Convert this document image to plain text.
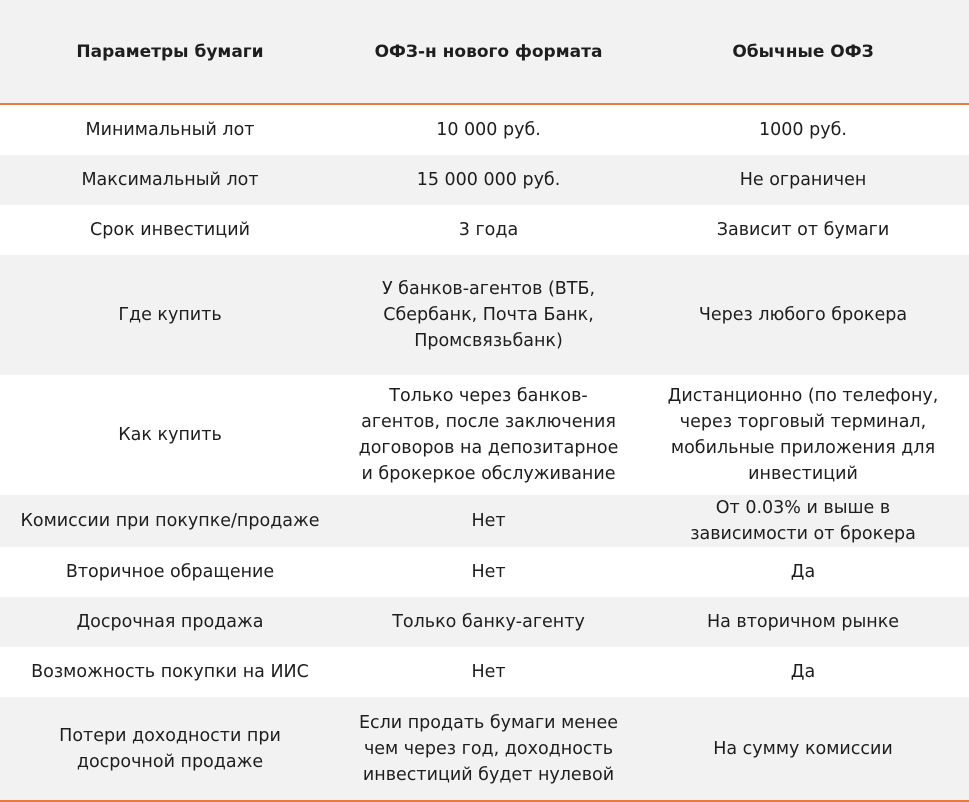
Параметры бумаги	ОФЗ-н нового формата	Обычные ОФЗ
Минимальный лот	10 000 руб.	1000 руб.
Максимальный лот	15 000 000 руб.	Не ограничен
Срок инвестиций	3 года	Зависит от бумаги
Где купить	У банков-агентов (ВТБ,
Сбербанк, Почта Банк,
Промсвязьбанк)	Через любого брокера
Как купить	Только через банков-
агентов, после заключения
договоров на депозитарное
и брокеркое обслуживание	Дистанционно (по телефону,
через торговый терминал,
мобильные приложения для
инвестиций
Комиссии при покупке/продаже	Нет	От 0.03% и выше в
зависимости от брокера
Вторичное обращение	Нет	Да
Досрочная продажа	Только банку-агенту	На вторичном рынке
Возможность покупки на ИИС	Нет	Да
Потери доходности при
досрочной продаже	Если продать бумаги менее
чем через год, доходность
инвестиций будет нулевой	На сумму комиссии
